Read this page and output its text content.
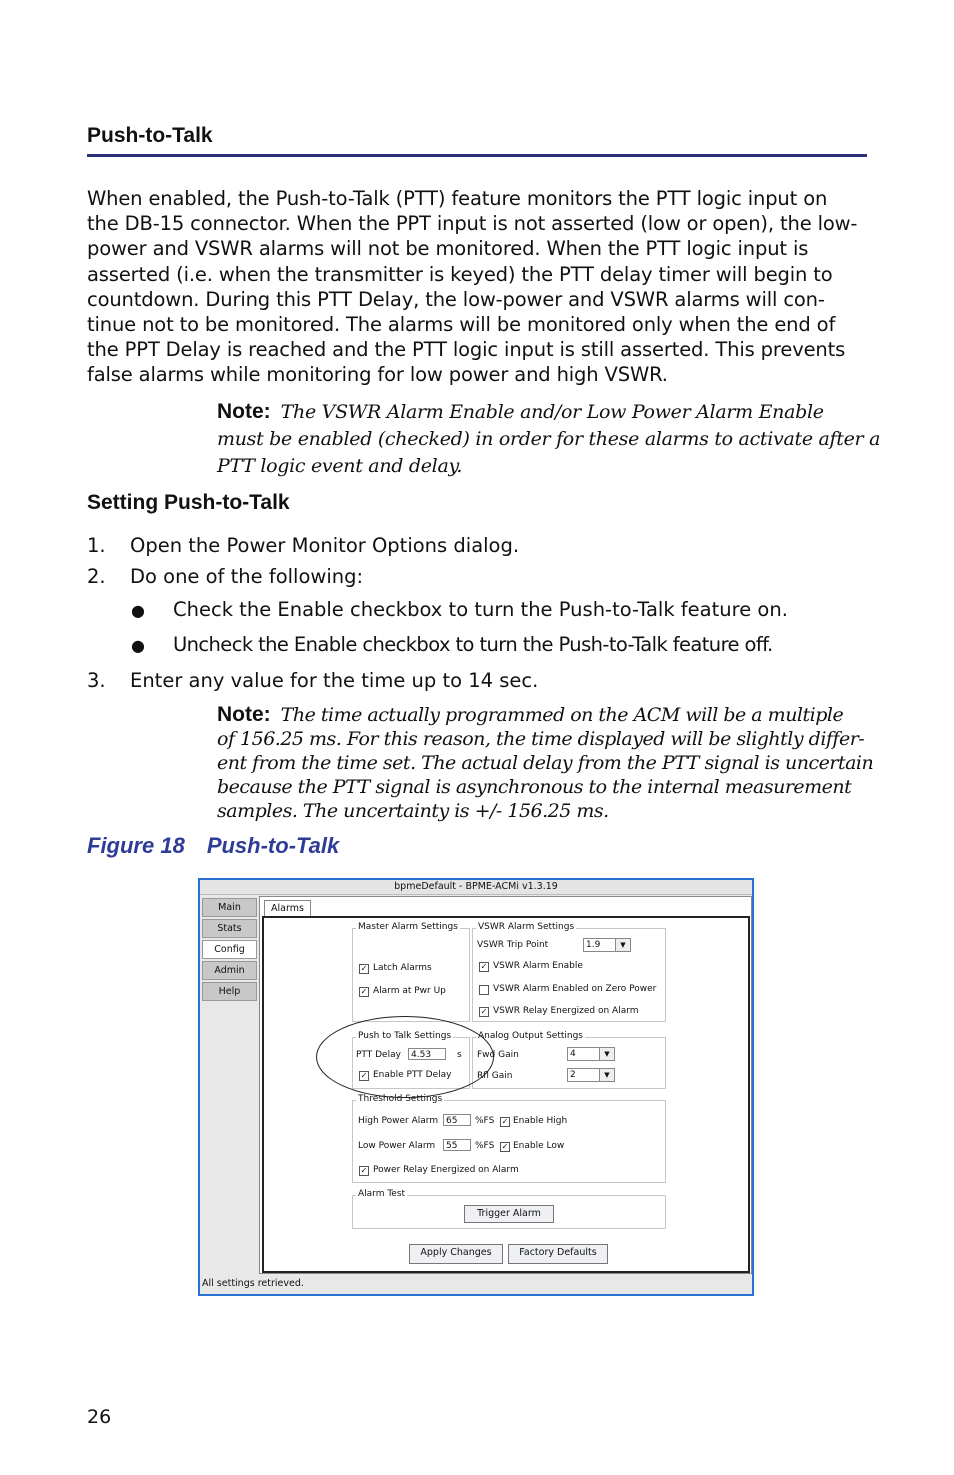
Push-to-Talk
When enabled, the Push-to-Talk (PTT) feature monitors the PTT logic input on
the DB-15 connector. When the PPT input is not asserted (low or open), the low-
power and VSWR alarms will not be monitored. When the PTT logic input is
asserted (i.e. when the transmitter is keyed) the PTT delay timer will begin to
countdown. During this PTT Delay, the low-power and VSWR alarms will con-
tinue not to be monitored. The alarms will be monitored only when the end of
the PPT Delay is reached and the PTT logic input is still asserted. This prevents
false alarms while monitoring for low power and high VSWR.
Note: The VSWR Alarm Enable and/or Low Power Alarm Enable
must be enabled (checked) in order for these alarms to activate after a
PTT logic event and delay.
Setting Push-to-Talk
1. Open the Power Monitor Options dialog.
2. Do one of the following:
● Check the Enable checkbox to turn the Push-to-Talk feature on.
● Uncheck the Enable checkbox to turn the Push-to-Talk feature off.
3. Enter any value for the time up to 14 sec.
Note: The time actually programmed on the ACM will be a multiple
of 156.25 ms. For this reason, the time displayed will be slightly differ-
ent from the time set. The actual delay from the PTT signal is uncertain
because the PTT signal is asynchronous to the internal measurement
samples. The uncertainty is +/- 156.25 ms.
Figure 18 Push-to-Talk
bpmeDefault - BPME-ACMi v1.3.19
Main
Stats
Config
Admin
Help
Alarms
Master Alarm Settings
✓ Latch Alarms
✓ Alarm at Pwr Up
VSWR Alarm Settings
VSWR Trip Point	1.9	▼
✓ VSWR Alarm Enable
VSWR Alarm Enabled on Zero Power
✓ VSWR Relay Energized on Alarm
Push to Talk Settings
PTT Delay	4.53	s
✓ Enable PTT Delay
Analog Output Settings
Fwd Gain	4	▼
Rfl Gain	2	▼
Threshold Settings
High Power Alarm 65	%FS ✓ Enable High
Low Power Alarm	55	%FS ✓ Enable Low
✓ Power Relay Energized on Alarm
Alarm Test
Trigger Alarm
Apply Changes	Factory Defaults
All settings retrieved.
26
